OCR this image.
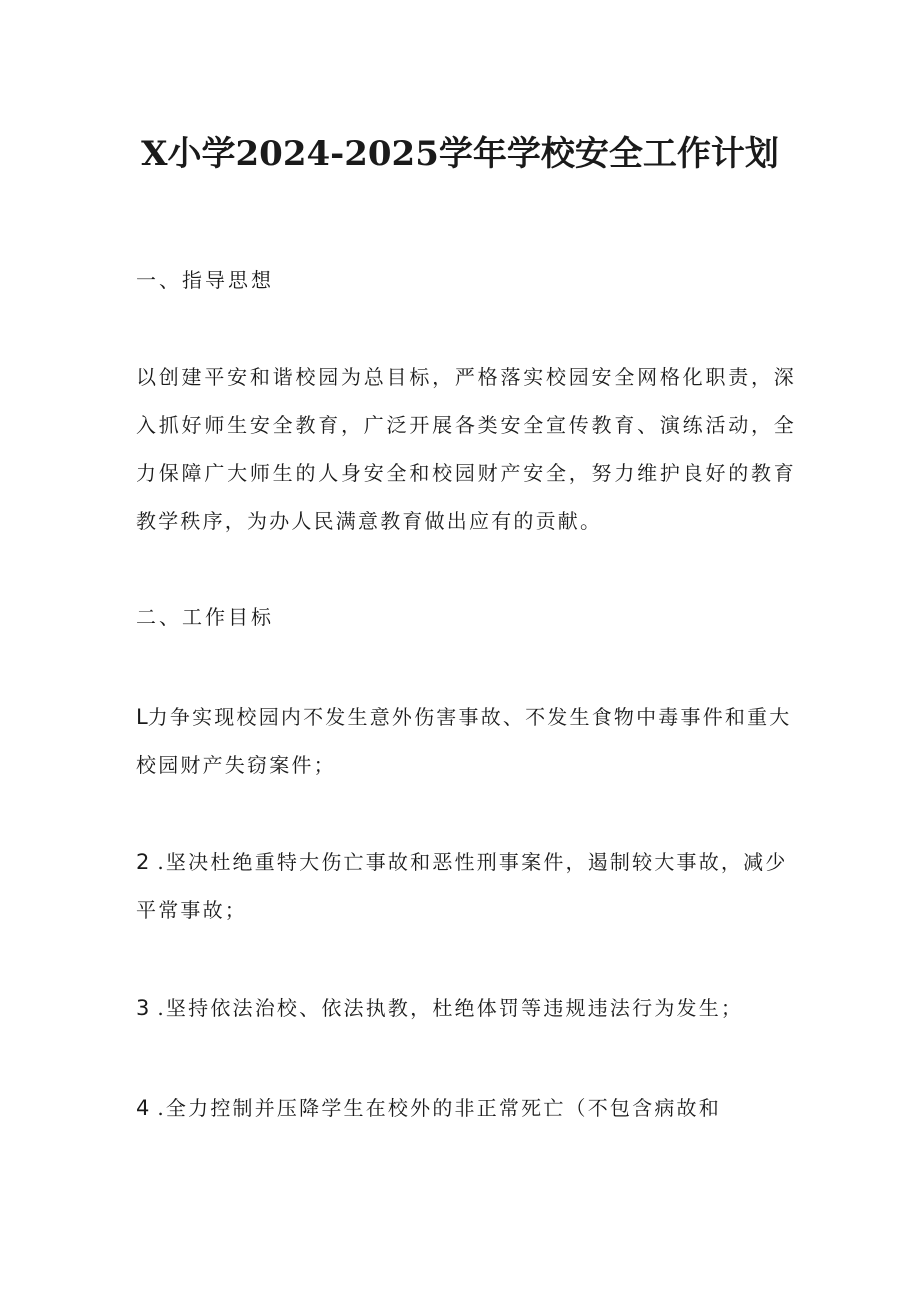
X小学2024-2025学年学校安全工作计划
一、指导思想

以创建平安和谐校园为总目标，严格落实校园安全网格化职责，深入抓好师生安全教育，广泛开展各类安全宣传教育、演练活动，全力保障广大师生的人身安全和校园财产安全，努力维护良好的教育教学秩序，为办人民满意教育做出应有的贡献。

二、工作目标
L力争实现校园内不发生意外伤害事故、不发生食物中毒事件和重大校园财产失窃案件；
2 .坚决杜绝重特大伤亡事故和恶性刑事案件，遏制较大事故，减少平常事故；
3 .坚持依法治校、依法执教，杜绝体罚等违规违法行为发生；
4 .全力控制并压降学生在校外的非正常死亡（不包含病故和
